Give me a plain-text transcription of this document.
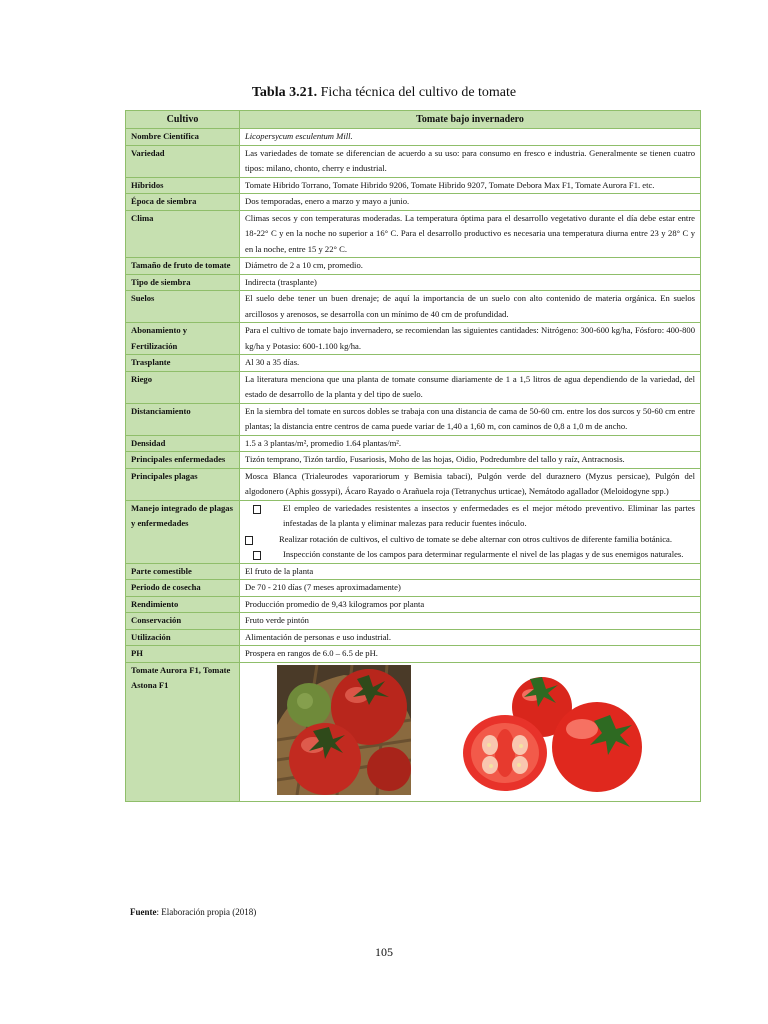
Tabla 3.21. Ficha técnica del cultivo de tomate
Cultivo	Tomate bajo invernadero
Nombre Científica	Licopersycum esculentum Mill.
Variedad	Las variedades de tomate se diferencian de acuerdo a su uso: para consumo en fresco e industria. Generalmente se tienen cuatro tipos: milano, chonto, cherry e industrial.
Híbridos	Tomate Hibrido Torrano, Tomate Hibrido 9206, Tomate Hibrido 9207, Tomate Debora Max F1, Tomate Aurora F1. etc.
Época de siembra	Dos temporadas, enero a marzo y mayo a junio.
Clima	Climas secos y con temperaturas moderadas. La temperatura óptima para el desarrollo vegetativo durante el día debe estar entre 18-22° C y en la noche no superior a 16° C. Para el desarrollo productivo es necesaria una temperatura diurna entre 23 y 28° C y en la noche, entre 15 y 22° C.
Tamaño de fruto de tomate	Diámetro de 2 a 10 cm, promedio.
Tipo de siembra	Indirecta (trasplante)
Suelos	El suelo debe tener un buen drenaje; de aquí la importancia de un suelo con alto contenido de materia orgánica. En suelos arcillosos y arenosos, se desarrolla con un mínimo de 40 cm de profundidad.
Abonamiento y Fertilización	Para el cultivo de tomate bajo invernadero, se recomiendan las siguientes cantidades: Nitrógeno: 300-600 kg/ha, Fósforo: 400-800 kg/ha y Potasio: 600-1.100 kg/ha.
Trasplante	Al 30 a 35 días.
Riego	La literatura menciona que una planta de tomate consume diariamente de 1 a 1,5 litros de agua dependiendo de la variedad, del estado de desarrollo de la planta y del tipo de suelo.
Distanciamiento	En la siembra del tomate en surcos dobles se trabaja con una distancia de cama de 50-60 cm. entre los dos surcos y 50-60 cm entre plantas; la distancia entre centros de cama puede variar de 1,40 a 1,60 m, con caminos de 0,8 a 1,0 m de ancho.
Densidad	1.5 a 3 plantas/m², promedio 1.64 plantas/m².
Principales enfermedades	Tizón temprano, Tizón tardío, Fusariosis, Moho de las hojas, Oidio, Podredumbre del tallo y raíz, Antracnosis.
Principales plagas	Mosca Blanca (Trialeurodes vaporariorum y Bemisia tabaci), Pulgón verde del duraznero (Myzus persicae), Pulgón del algodonero (Aphis gossypi), Ácaro Rayado o Arañuela roja (Tetranychus urticae), Nemátodo agallador (Meloidogyne spp.)
Manejo integrado de plagas y enfermedades	El empleo de variedades resistentes a insectos y enfermedades es el mejor método preventivo. Eliminar las partes infestadas de la planta y eliminar malezas para reducir fuentes inóculo.
Realizar rotación de cultivos, el cultivo de tomate se debe alternar con otros cultivos de diferente familia botánica.
Inspección constante de los campos para determinar regularmente el nivel de las plagas y de sus enemigos naturales.

Parte comestible	El fruto de la planta
Periodo de cosecha	De 70 - 210 días (7 meses aproximadamente)
Rendimiento	Producción promedio de 9,43 kilogramos por planta
Conservación	Fruto verde pintón
Utilización	Alimentación de personas e uso industrial.
PH	Prospera en rangos de 6.0 – 6.5 de pH.
Tomate Aurora F1, Tomate Astona F1	
Fuente: Elaboración propia (2018)
105
